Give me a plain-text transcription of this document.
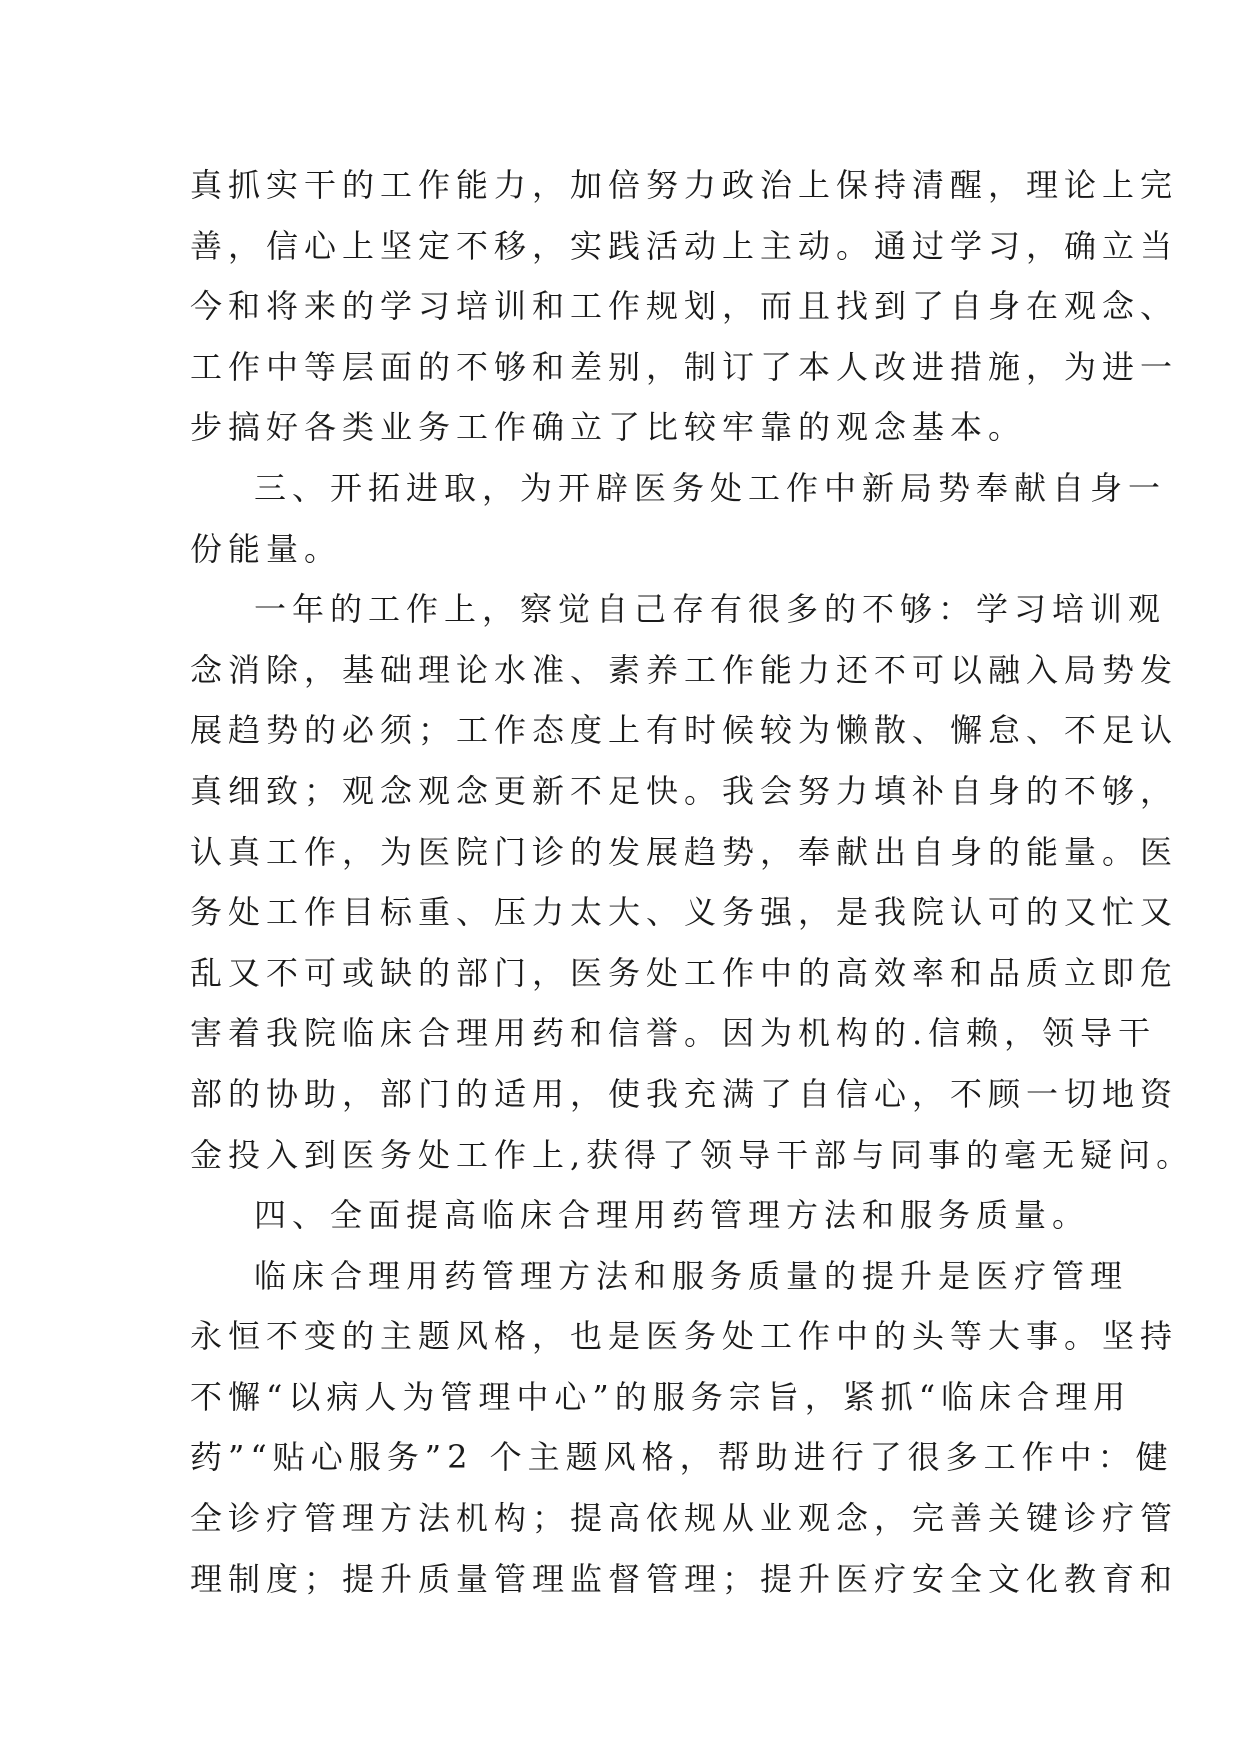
真抓实干的工作能力，加倍努力政治上保持清醒，理论上完
善，信心上坚定不移，实践活动上主动。通过学习，确立当
今和将来的学习培训和工作规划，而且找到了自身在观念、
工作中等层面的不够和差别，制订了本人改进措施，为进一
步搞好各类业务工作确立了比较牢靠的观念基本。
三、开拓进取，为开辟医务处工作中新局势奉献自身一
份能量。
一年的工作上，察觉自己存有很多的不够：学习培训观
念消除，基础理论水准、素养工作能力还不可以融入局势发
展趋势的必须；工作态度上有时候较为懒散、懈怠、不足认
真细致；观念观念更新不足快。我会努力填补自身的不够，
认真工作，为医院门诊的发展趋势，奉献出自身的能量。医
务处工作目标重、压力太大、义务强，是我院认可的又忙又
乱又不可或缺的部门，医务处工作中的高效率和品质立即危
害着我院临床合理用药和信誉。因为机构的.信赖，领导干
部的协助，部门的适用，使我充满了自信心，不顾一切地资
金投入到医务处工作上,获得了领导干部与同事的毫无疑问。
四、全面提高临床合理用药管理方法和服务质量。
临床合理用药管理方法和服务质量的提升是医疗管理
永恒不变的主题风格，也是医务处工作中的头等大事。坚持
不懈“以病人为管理中心”的服务宗旨，紧抓“临床合理用
药”“贴心服务”2 个主题风格，帮助进行了很多工作中：健
全诊疗管理方法机构；提高依规从业观念，完善关键诊疗管
理制度；提升质量管理监督管理；提升医疗安全文化教育和
